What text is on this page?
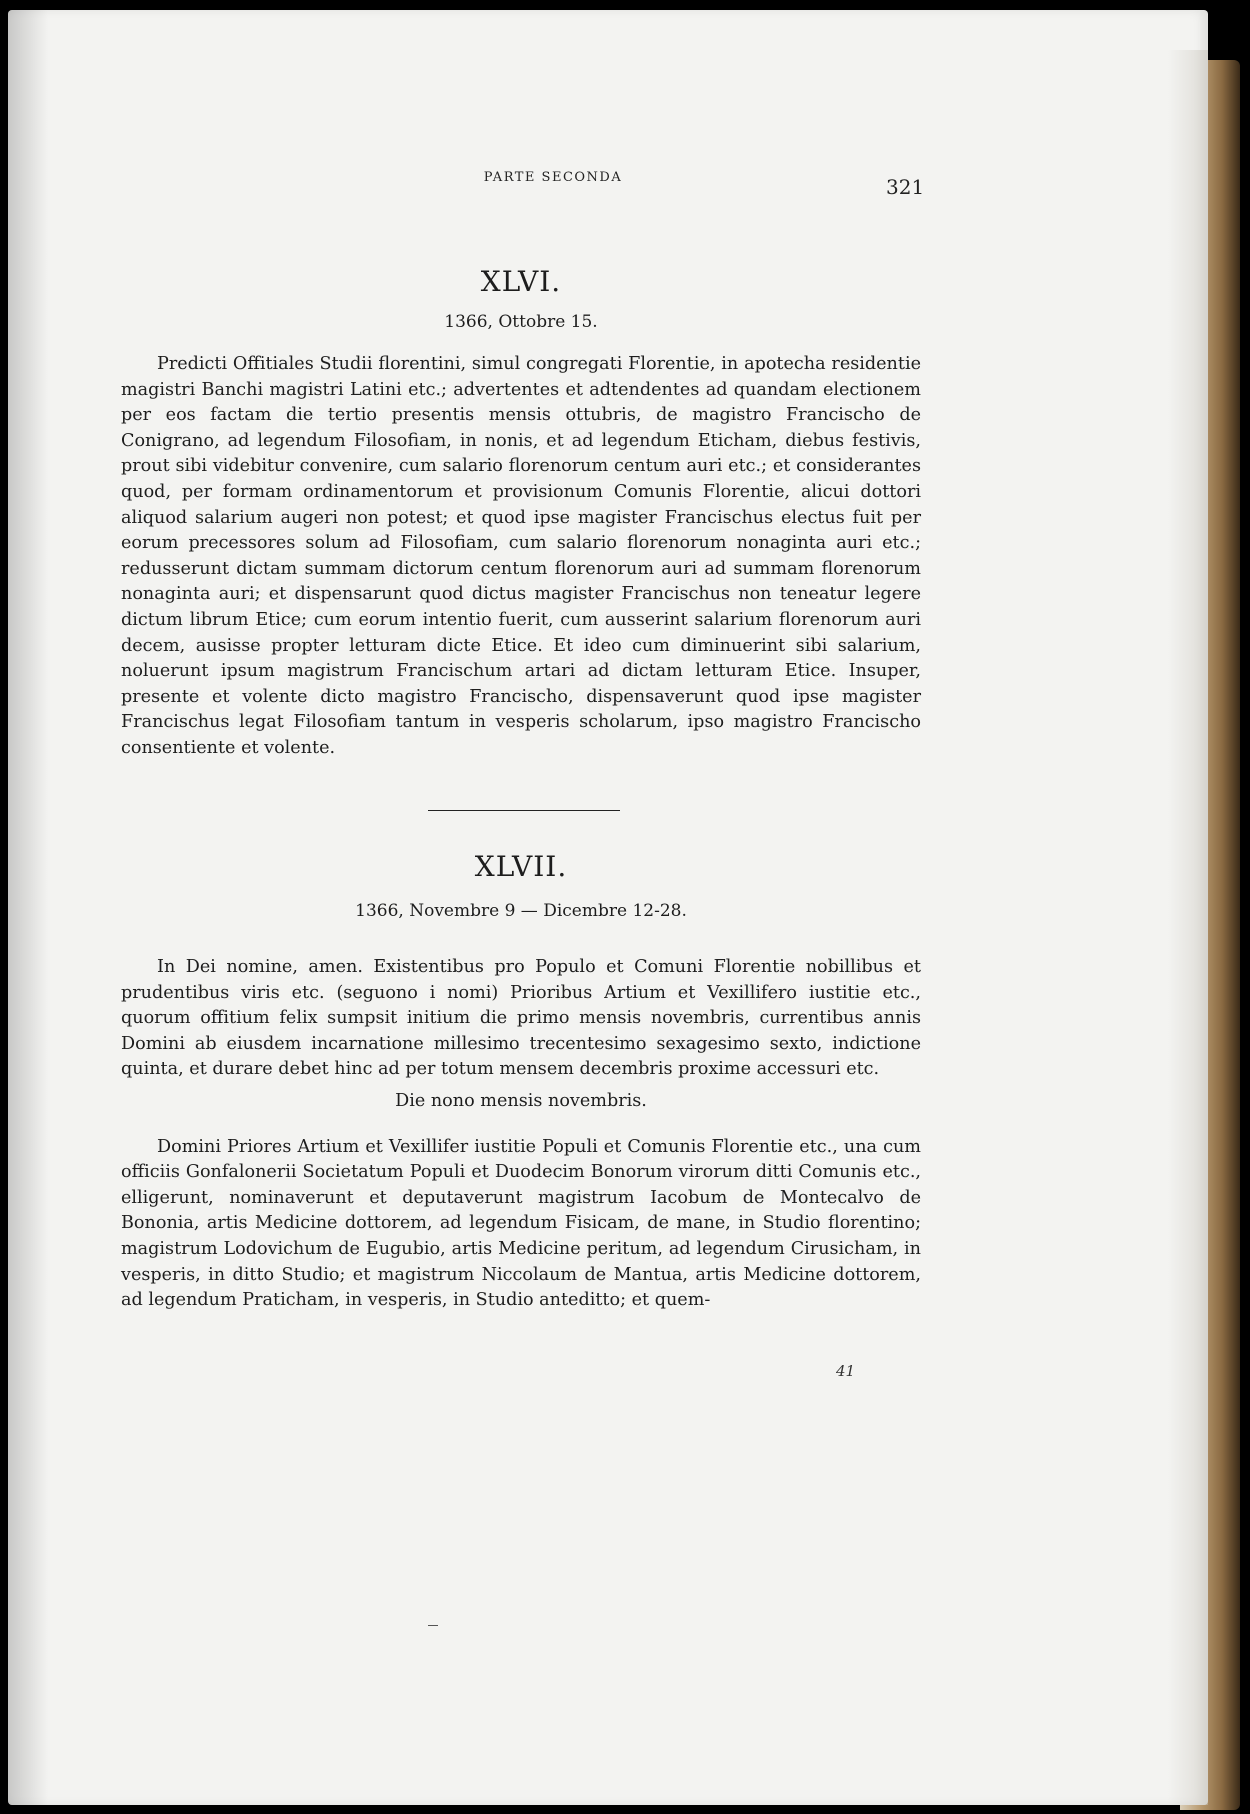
PARTE SECONDA	321

XLVI.

1366, Ottobre 15.

Predicti Offitiales Studii florentini, simul congregati Florentie, in apotecha residentie magistri Banchi magistri Latini etc.; advertentes et adtendentes ad quandam electionem per eos factam die tertio presentis mensis ottubris, de magistro Francischo de Conigrano, ad legendum Filosofiam, in nonis, et ad legendum Eticham, diebus festivis, prout sibi videbitur convenire, cum salario florenorum centum auri etc.; et considerantes quod, per formam ordinamentorum et provisionum Comunis Florentie, alicui dottori aliquod salarium augeri non potest; et quod ipse magister Francischus electus fuit per eorum precessores solum ad Filosofiam, cum salario florenorum nonaginta auri etc.; redusserunt dictam summam dictorum centum florenorum auri ad summam florenorum nonaginta auri; et dispensarunt quod dictus magister Francischus non teneatur legere dictum librum Etice; cum eorum intentio fuerit, cum ausserint salarium florenorum auri decem, ausisse propter letturam dicte Etice. Et ideo cum diminuerint sibi salarium, noluerunt ipsum magistrum Francischum artari ad dictam letturam Etice. Insuper, presente et volente dicto magistro Francischo, dispensaverunt quod ipse magister Francischus legat Filosofiam tantum in vesperis scholarum, ipso magistro Francischo consentiente et volente.

XLVII.

1366, Novembre 9 — Dicembre 12-28.

In Dei nomine, amen. Existentibus pro Populo et Comuni Florentie nobillibus et prudentibus viris etc. (seguono i nomi) Prioribus Artium et Vexillifero iustitie etc., quorum offitium felix sumpsit initium die primo mensis novembris, currentibus annis Domini ab eiusdem incarnatione millesimo trecentesimo sexagesimo sexto, indictione quinta, et durare debet hinc ad per totum mensem decembris proxime accessuri etc.

Die nono mensis novembris.

Domini Priores Artium et Vexillifer iustitie Populi et Comunis Florentie etc., una cum officiis Gonfalonerii Societatum Populi et Duodecim Bonorum virorum ditti Comunis etc., elligerunt, nominaverunt et deputaverunt magistrum Iacobum de Montecalvo de Bononia, artis Medicine dottorem, ad legendum Fisicam, de mane, in Studio florentino; magistrum Lodovichum de Eugubio, artis Medicine peritum, ad legendum Cirusicham, in vesperis, in ditto Studio; et magistrum Niccolaum de Mantua, artis Medicine dottorem, ad legendum Praticham, in vesperis, in Studio anteditto; et quem-

41
